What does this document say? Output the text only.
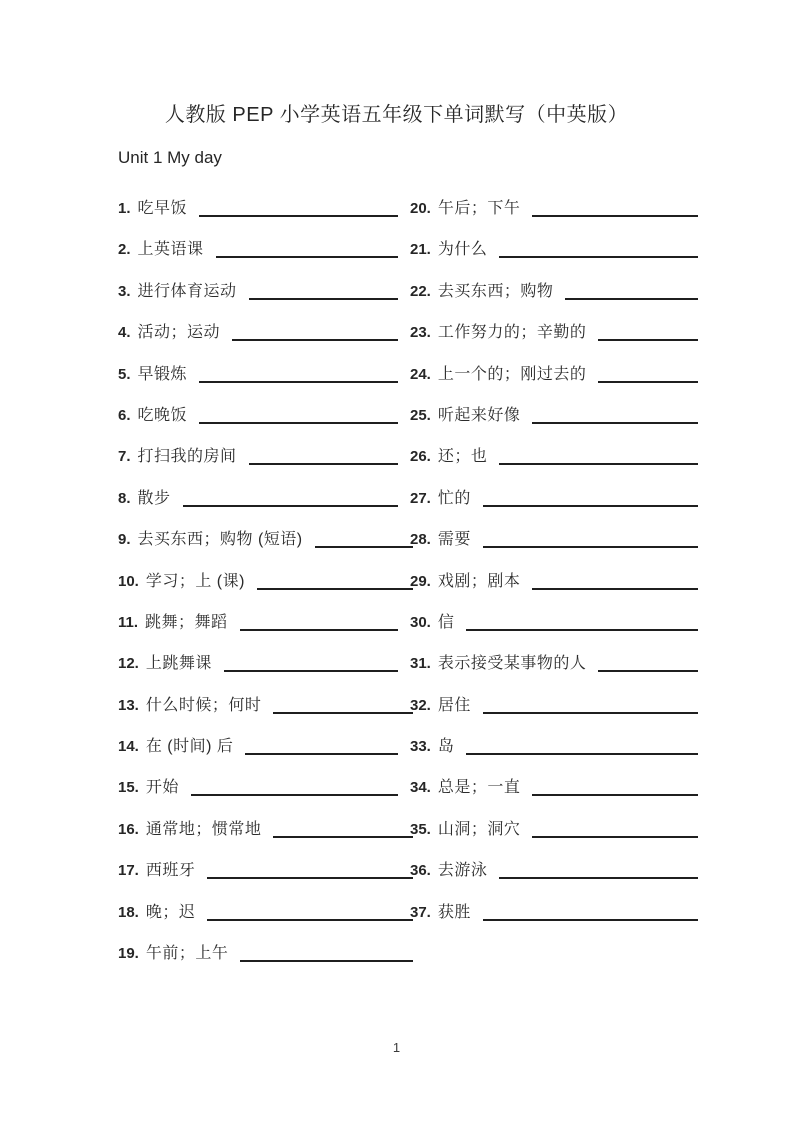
人教版 PEP 小学英语五年级下单词默写（中英版）
Unit 1 My day
1. 吃早饭	20. 午后；下午
2. 上英语课	21. 为什么
3. 进行体育运动	22. 去买东西；购物
4. 活动；运动	23. 工作努力的；辛勤的
5. 早锻炼	24. 上一个的；刚过去的
6. 吃晚饭	25. 听起来好像
7. 打扫我的房间	26. 还；也
8. 散步	27. 忙的
9. 去买东西；购物 (短语)	28. 需要
10. 学习；上 (课)	29. 戏剧；剧本
11. 跳舞；舞蹈	30. 信
12. 上跳舞课	31. 表示接受某事物的人
13. 什么时候；何时	32. 居住
14. 在 (时间) 后	33. 岛
15. 开始	34. 总是；一直
16. 通常地；惯常地	35. 山洞；洞穴
17. 西班牙	36. 去游泳
18. 晚；迟	37. 获胜
19. 午前；上午
1
